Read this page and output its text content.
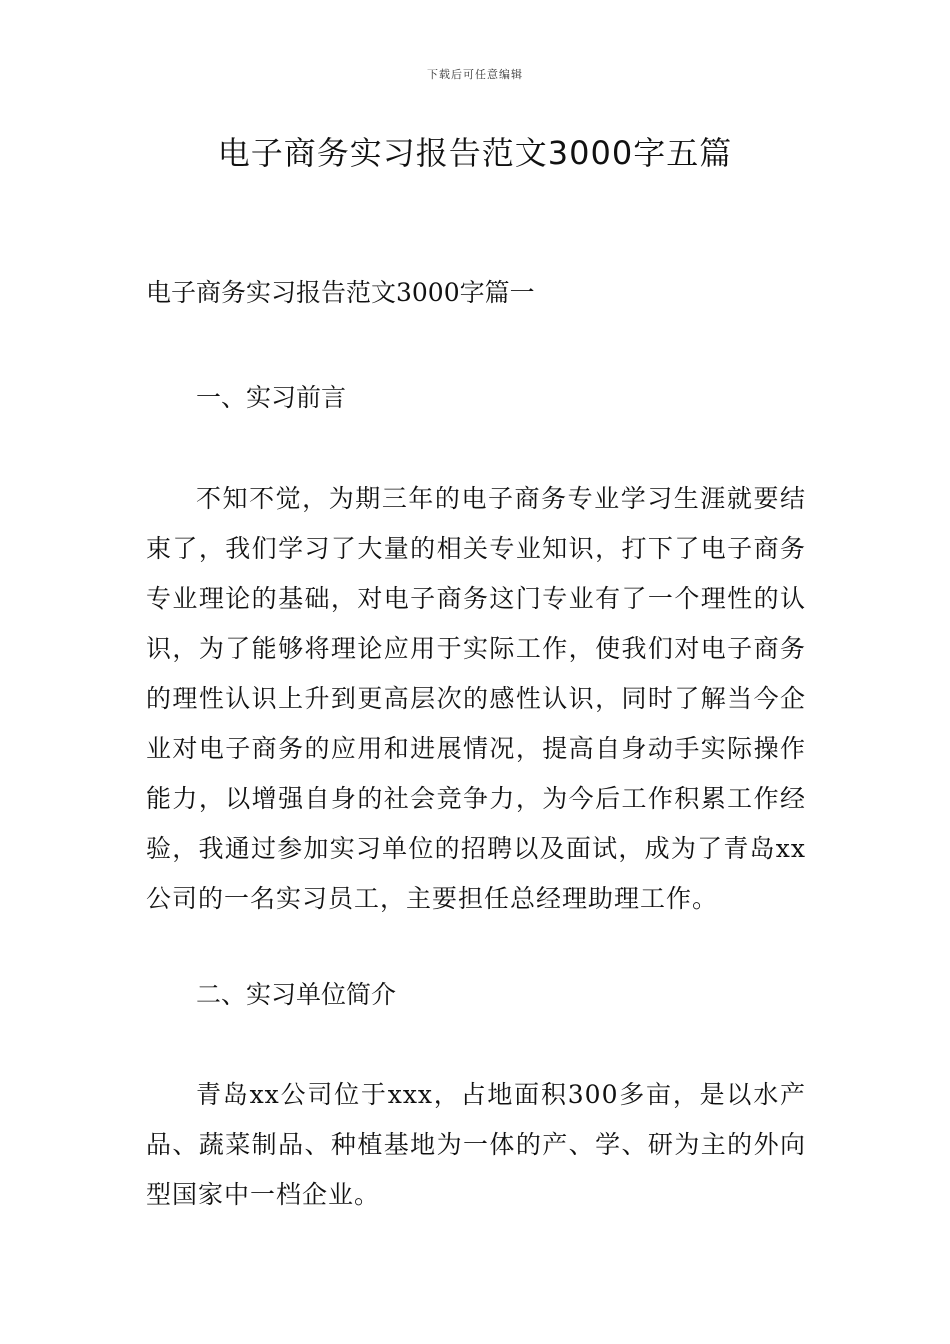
下载后可任意编辑
电子商务实习报告范文3000字五篇

电子商务实习报告范文3000字篇一

一、实习前言

不知不觉，为期三年的电子商务专业学习生涯就要结束了，我们学习了大量的相关专业知识，打下了电子商务专业理论的基础，对电子商务这门专业有了一个理性的认识，为了能够将理论应用于实际工作，使我们对电子商务的理性认识上升到更高层次的感性认识，同时了解当今企业对电子商务的应用和进展情况，提高自身动手实际操作能力，以增强自身的社会竞争力，为今后工作积累工作经验，我通过参加实习单位的招聘以及面试，成为了青岛xx公司的一名实习员工，主要担任总经理助理工作。

二、实习单位简介

青岛xx公司位于xxx，占地面积300多亩，是以水产品、蔬菜制品、种植基地为一体的产、学、研为主的外向型国家中一档企业。
